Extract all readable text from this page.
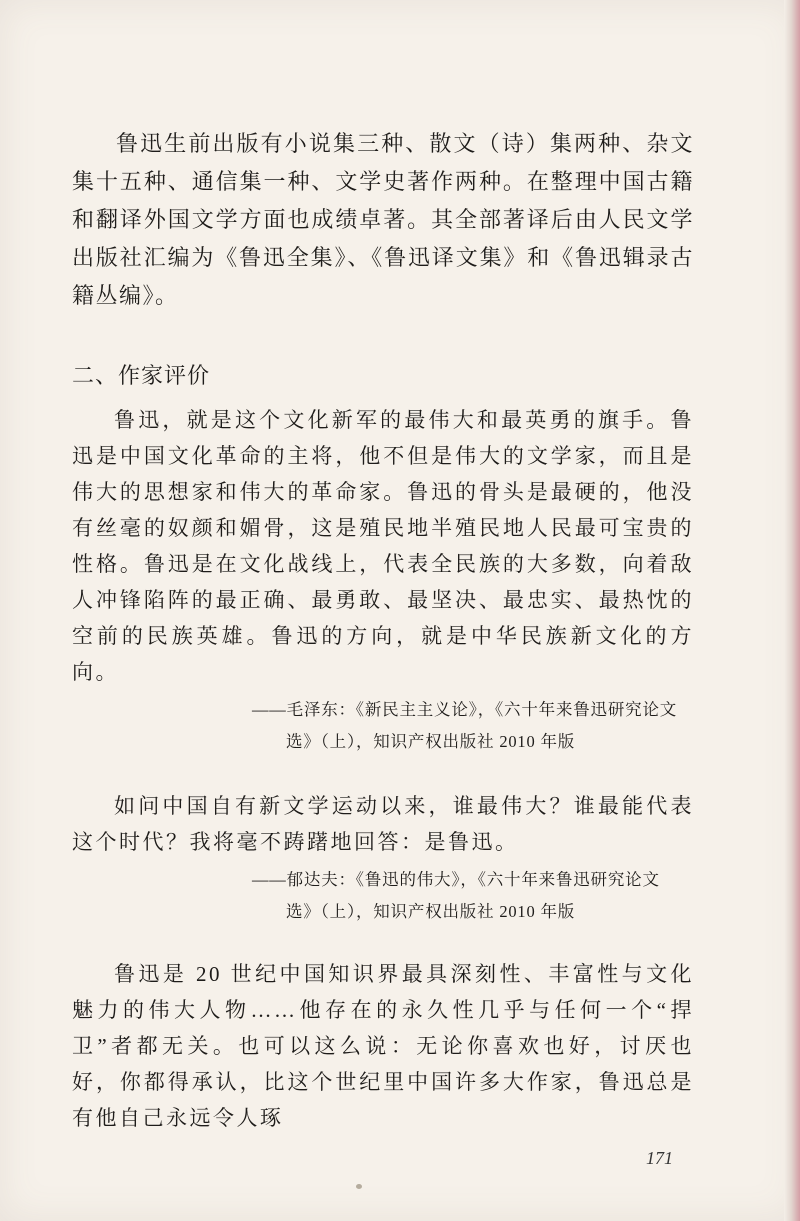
鲁迅生前出版有小说集三种、散文（诗）集两种、杂文集十五种、通信集一种、文学史著作两种。在整理中国古籍和翻译外国文学方面也成绩卓著。其全部著译后由人民文学出版社汇编为《鲁迅全集》、《鲁迅译文集》和《鲁迅辑录古籍丛编》。

二、作家评价

鲁迅，就是这个文化新军的最伟大和最英勇的旗手。鲁迅是中国文化革命的主将，他不但是伟大的文学家，而且是伟大的思想家和伟大的革命家。鲁迅的骨头是最硬的，他没有丝毫的奴颜和媚骨，这是殖民地半殖民地人民最可宝贵的性格。鲁迅是在文化战线上，代表全民族的大多数，向着敌人冲锋陷阵的最正确、最勇敢、最坚决、最忠实、最热忱的空前的民族英雄。鲁迅的方向，就是中华民族新文化的方向。

——毛泽东：《新民主主义论》，《六十年来鲁迅研究论文
选》（上），知识产权出版社 2010 年版

如问中国自有新文学运动以来，谁最伟大？谁最能代表这个时代？我将毫不踌躇地回答：是鲁迅。

——郁达夫：《鲁迅的伟大》，《六十年来鲁迅研究论文
选》（上），知识产权出版社 2010 年版

鲁迅是 20 世纪中国知识界最具深刻性、丰富性与文化魅力的伟大人物……他存在的永久性几乎与任何一个“捍卫”者都无关。也可以这么说：无论你喜欢也好，讨厌也好，你都得承认，比这个世纪里中国许多大作家，鲁迅总是有他自己永远令人琢

171
